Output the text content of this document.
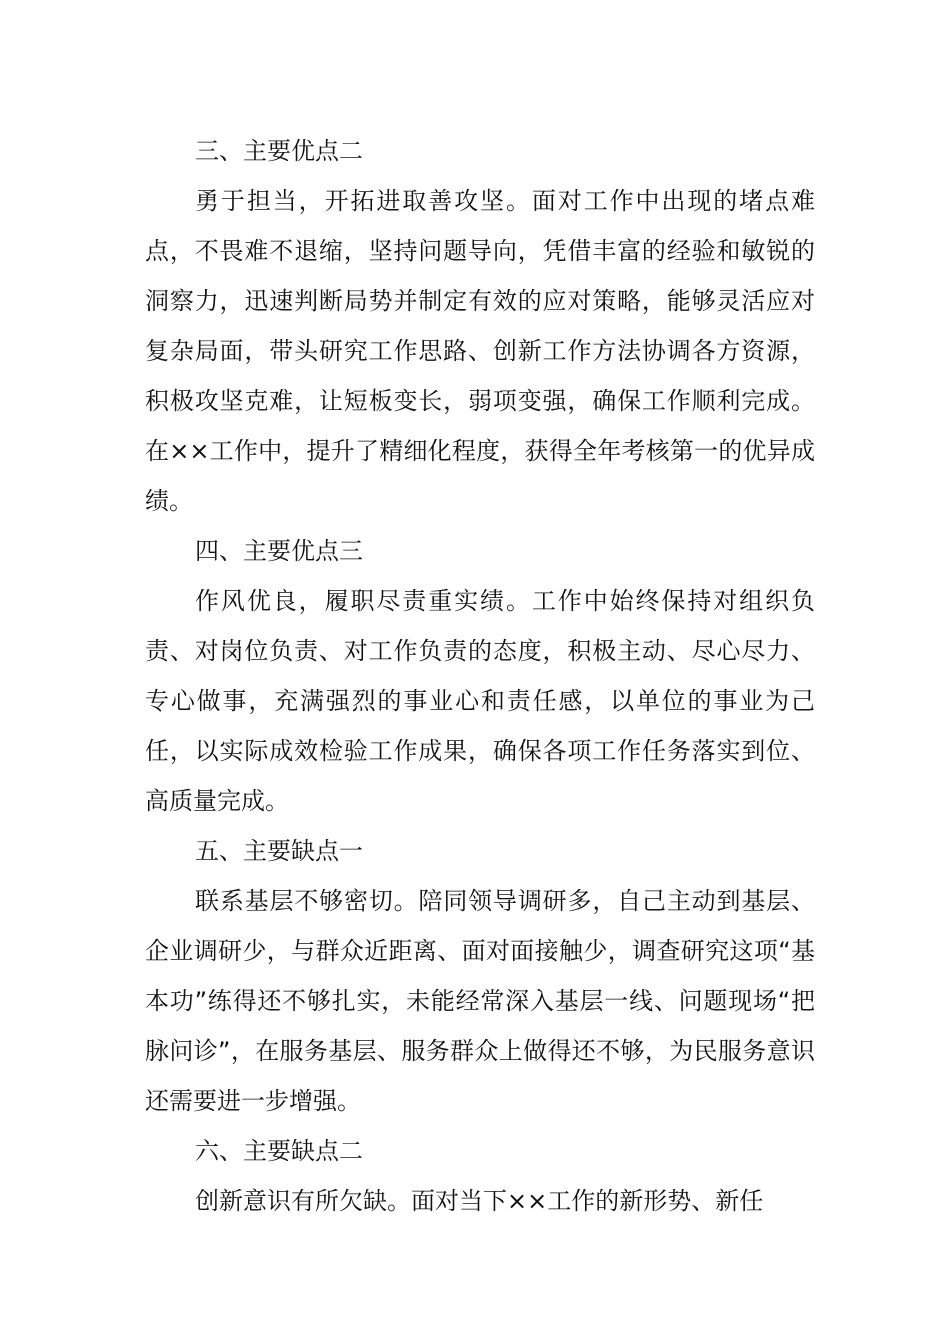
三、主要优点二

勇于担当，开拓进取善攻坚。面对工作中出现的堵点难点，不畏难不退缩，坚持问题导向，凭借丰富的经验和敏锐的洞察力，迅速判断局势并制定有效的应对策略，能够灵活应对复杂局面，带头研究工作思路、创新工作方法协调各方资源，积极攻坚克难，让短板变长，弱项变强，确保工作顺利完成。在××工作中，提升了精细化程度，获得全年考核第一的优异成绩。

四、主要优点三

作风优良，履职尽责重实绩。工作中始终保持对组织负责、对岗位负责、对工作负责的态度，积极主动、尽心尽力、专心做事，充满强烈的事业心和责任感，以单位的事业为己任，以实际成效检验工作成果，确保各项工作任务落实到位、高质量完成。

五、主要缺点一

联系基层不够密切。陪同领导调研多，自己主动到基层、企业调研少，与群众近距离、面对面接触少，调查研究这项“基本功”练得还不够扎实，未能经常深入基层一线、问题现场“把脉问诊”，在服务基层、服务群众上做得还不够，为民服务意识还需要进一步增强。

六、主要缺点二

创新意识有所欠缺。面对当下××工作的新形势、新任
